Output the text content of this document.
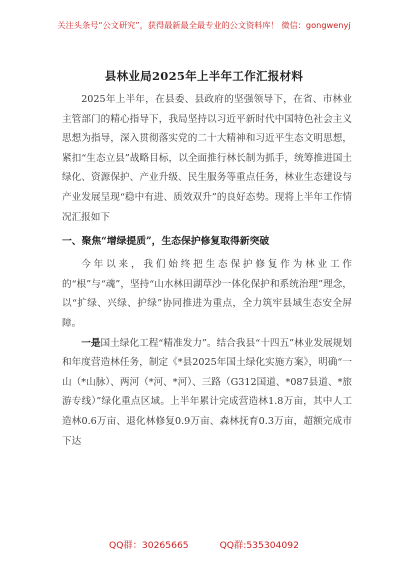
关注头条号“公文研究”，获得最新最全最专业的公文资料库！ 微信：gongwenyj
县林业局2025年上半年工作汇报材料

2025年上半年，在县委、县政府的坚强领导下，在省、市林业主管部门的精心指导下，我局坚持以习近平新时代中国特色社会主义思想为指导，深入贯彻落实党的二十大精神和习近平生态文明思想，紧扣“生态立县”战略目标，以全面推行林长制为抓手，统筹推进国土绿化、资源保护、产业升级、民生服务等重点任务，林业生态建设与产业发展呈现“稳中有进、质效双升”的良好态势。现将上半年工作情况汇报如下

一、聚焦“增绿提质”，生态保护修复取得新突破

今年以来，我们始终把生态保护修复作为林业工作的“根”与“魂”，坚持“山水林田湖草沙一体化保护和系统治理”理念，以“扩绿、兴绿、护绿”协同推进为重点，全力筑牢县域生态安全屏障。

一是国土绿化工程“精准发力”。结合我县“十四五”林业发展规划和年度营造林任务，制定《*县2025年国土绿化实施方案》，明确“一山（*山脉）、两河（*河、*河）、三路（G312国道、*087县道、*旅游专线）”绿化重点区域。上半年累计完成营造林1.8万亩，其中人工造林0.6万亩、退化林修复0.9万亩、森林抚育0.3万亩，超额完成市下达

QQ群：30265665	QQ群:535304092
